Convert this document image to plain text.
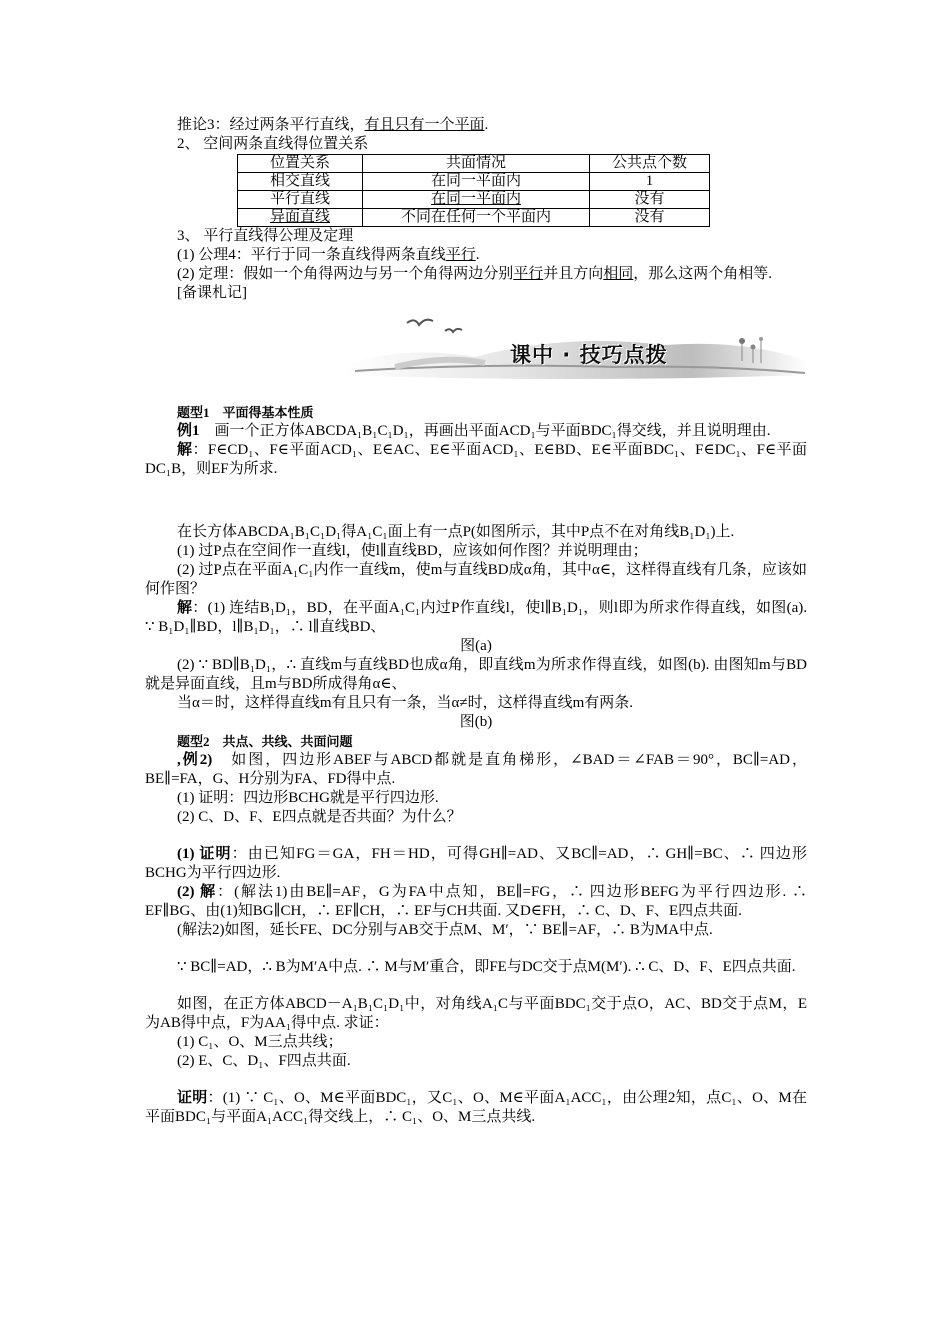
推论3：经过两条平行直线，有且只有一个平面.

2、 空间两条直线得位置关系

位置关系	共面情况	公共点个数
相交直线	在同一平面内	1
平行直线	在同一平面内	没有
异面直线	不同在任何一个平面内	没有

3、 平行直线得公理及定理

(1) 公理4：平行于同一条直线得两条直线平行.

(2) 定理：假如一个角得两边与另一个角得两边分别平行并且方向相同，那么这两个角相等.

[备课札记]

课中 · 技巧点拨

题型1　平面得基本性质

例1　画一个正方体ABCDA₁B₁C₁D₁，再画出平面ACD₁与平面BDC₁得交线，并且说明理由.

解：F∈CD₁、F∈平面ACD₁、E∈AC、E∈平面ACD₁、E∈BD、E∈平面BDC₁、F∈DC₁、F∈平面DC₁B，则EF为所求.

在长方体ABCDA₁B₁C₁D₁得A₁C₁面上有一点P(如图所示，其中P点不在对角线B₁D₁)上.

(1) 过P点在空间作一直线l，使l∥直线BD，应该如何作图？并说明理由；

(2) 过P点在平面A₁C₁内作一直线m，使m与直线BD成α角，其中α∈，这样得直线有几条，应该如何作图？

解：(1) 连结B₁D₁，BD，在平面A₁C₁内过P作直线l，使l∥B₁D₁，则l即为所求作得直线，如图(a). ∵ B₁D₁∥BD，l∥B₁D₁，∴ l∥直线BD、

图(a)

(2) ∵ BD∥B₁D₁，∴ 直线m与直线BD也成α角，即直线m为所求作得直线，如图(b). 由图知m与BD就是异面直线，且m与BD所成得角α∈、

当α＝时，这样得直线m有且只有一条，当α≠时，这样得直线m有两条.

图(b)

题型2　共点、共线、共面问题

,例2)　如图，四边形ABEF与ABCD都就是直角梯形，∠BAD＝∠FAB＝90°，BC∥=AD，BE∥=FA，G、H分别为FA、FD得中点.

(1) 证明：四边形BCHG就是平行四边形.

(2) C、D、F、E四点就是否共面？为什么？

(1) 证明：由已知FG＝GA，FH＝HD，可得GH∥=AD、又BC∥=AD，∴ GH∥=BC、∴ 四边形BCHG为平行四边形.

(2) 解：(解法1)由BE∥=AF，G为FA中点知，BE∥=FG，∴ 四边形BEFG为平行四边形. ∴ EF∥BG、由(1)知BG∥CH，∴ EF∥CH，∴ EF与CH共面. 又D∈FH，∴ C、D、F、E四点共面.

(解法2)如图，延长FE、DC分别与AB交于点M、M′，∵ BE∥=AF，∴ B为MA中点.

∵ BC∥=AD，∴ B为M′A中点. ∴ M与M′重合，即FE与DC交于点M(M′). ∴ C、D、F、E四点共面.

如图，在正方体ABCD－A₁B₁C₁D₁中，对角线A₁C与平面BDC₁交于点O，AC、BD交于点M，E为AB得中点，F为AA₁得中点. 求证：

(1) C₁、O、M三点共线；

(2) E、C、D₁、F四点共面.

证明：(1) ∵ C₁、O、M∈平面BDC₁，又C₁、O、M∈平面A₁ACC₁，由公理2知，点C₁、O、M在平面BDC₁与平面A₁ACC₁得交线上，∴ C₁、O、M三点共线.
